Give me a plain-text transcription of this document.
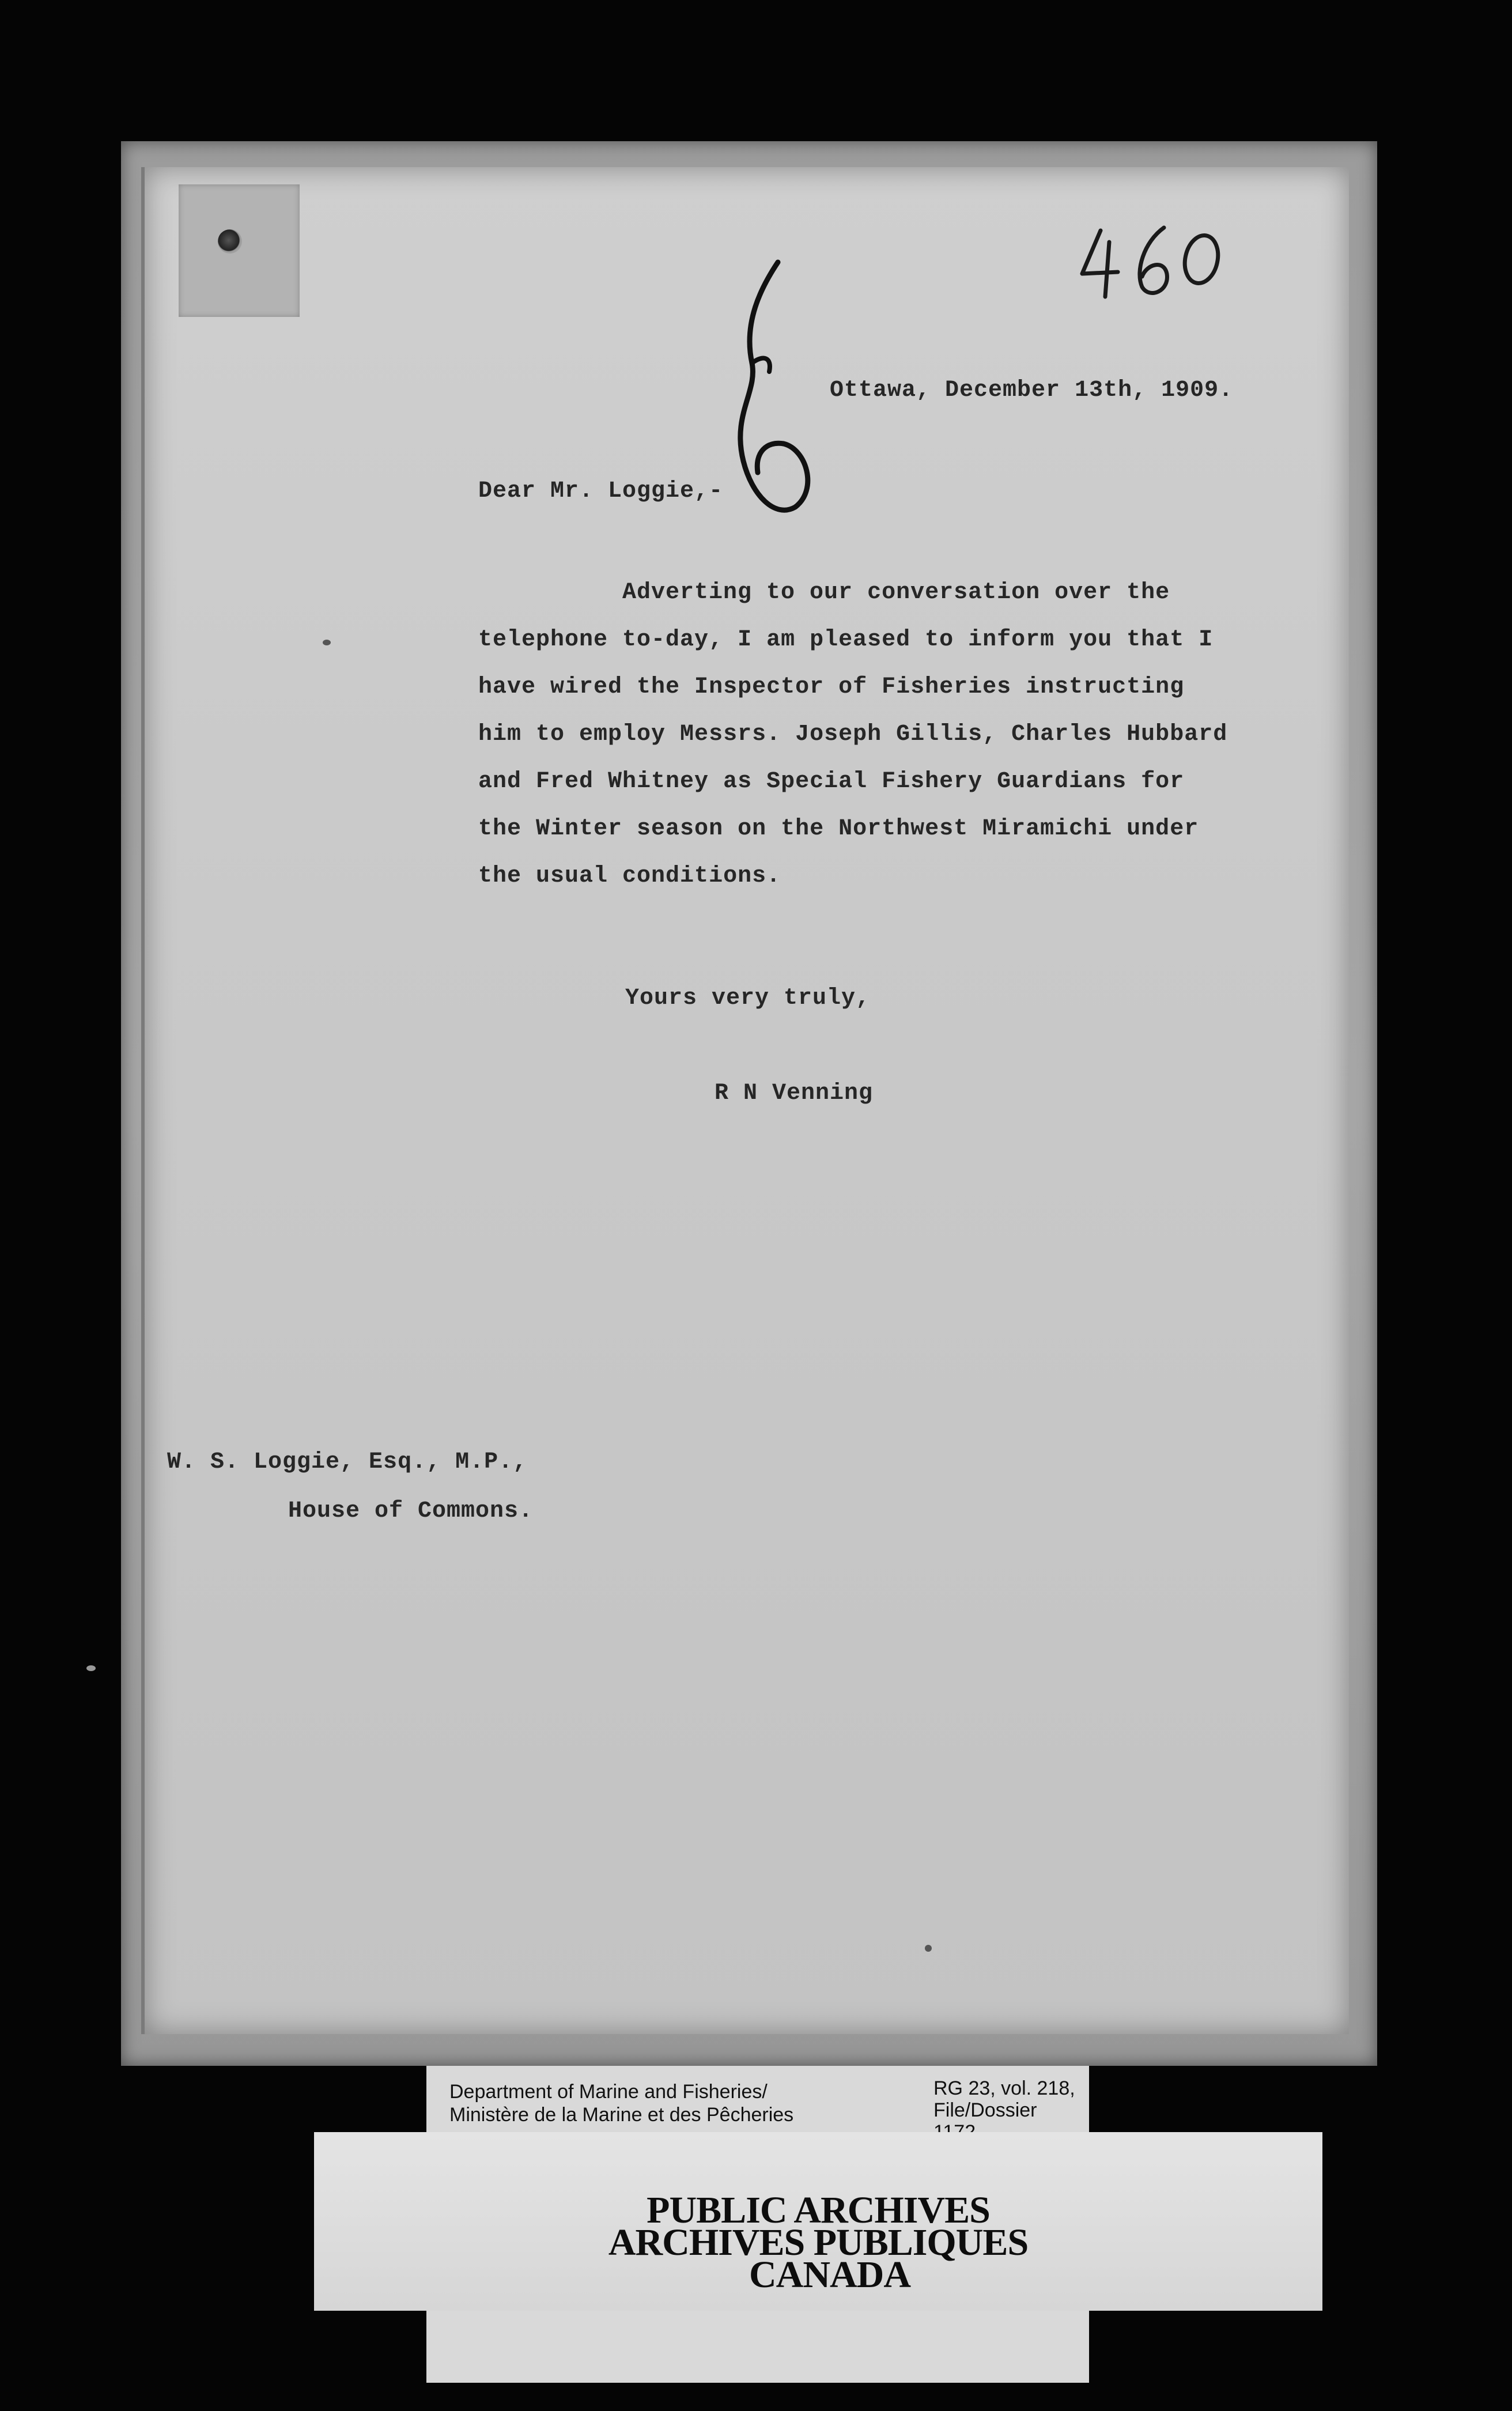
Ottawa, December 13th, 1909.
Dear Mr. Loggie,-
Adverting to our conversation over the
telephone to-day, I am pleased to inform you that I
have wired the Inspector of Fisheries instructing
him to employ Messrs. Joseph Gillis, Charles Hubbard
and Fred Whitney as Special Fishery Guardians for
the Winter season on the Northwest Miramichi under
the usual conditions.
Yours very truly,
R N Venning
W. S. Loggie, Esq., M.P.,
House of Commons.
Department of Marine and Fisheries/
Ministère de la Marine et des Pêcheries
RG 23, vol. 218,
File/Dossier
PUBLIC ARCHIVES
ARCHIVES PUBLIQUES
CANADA
